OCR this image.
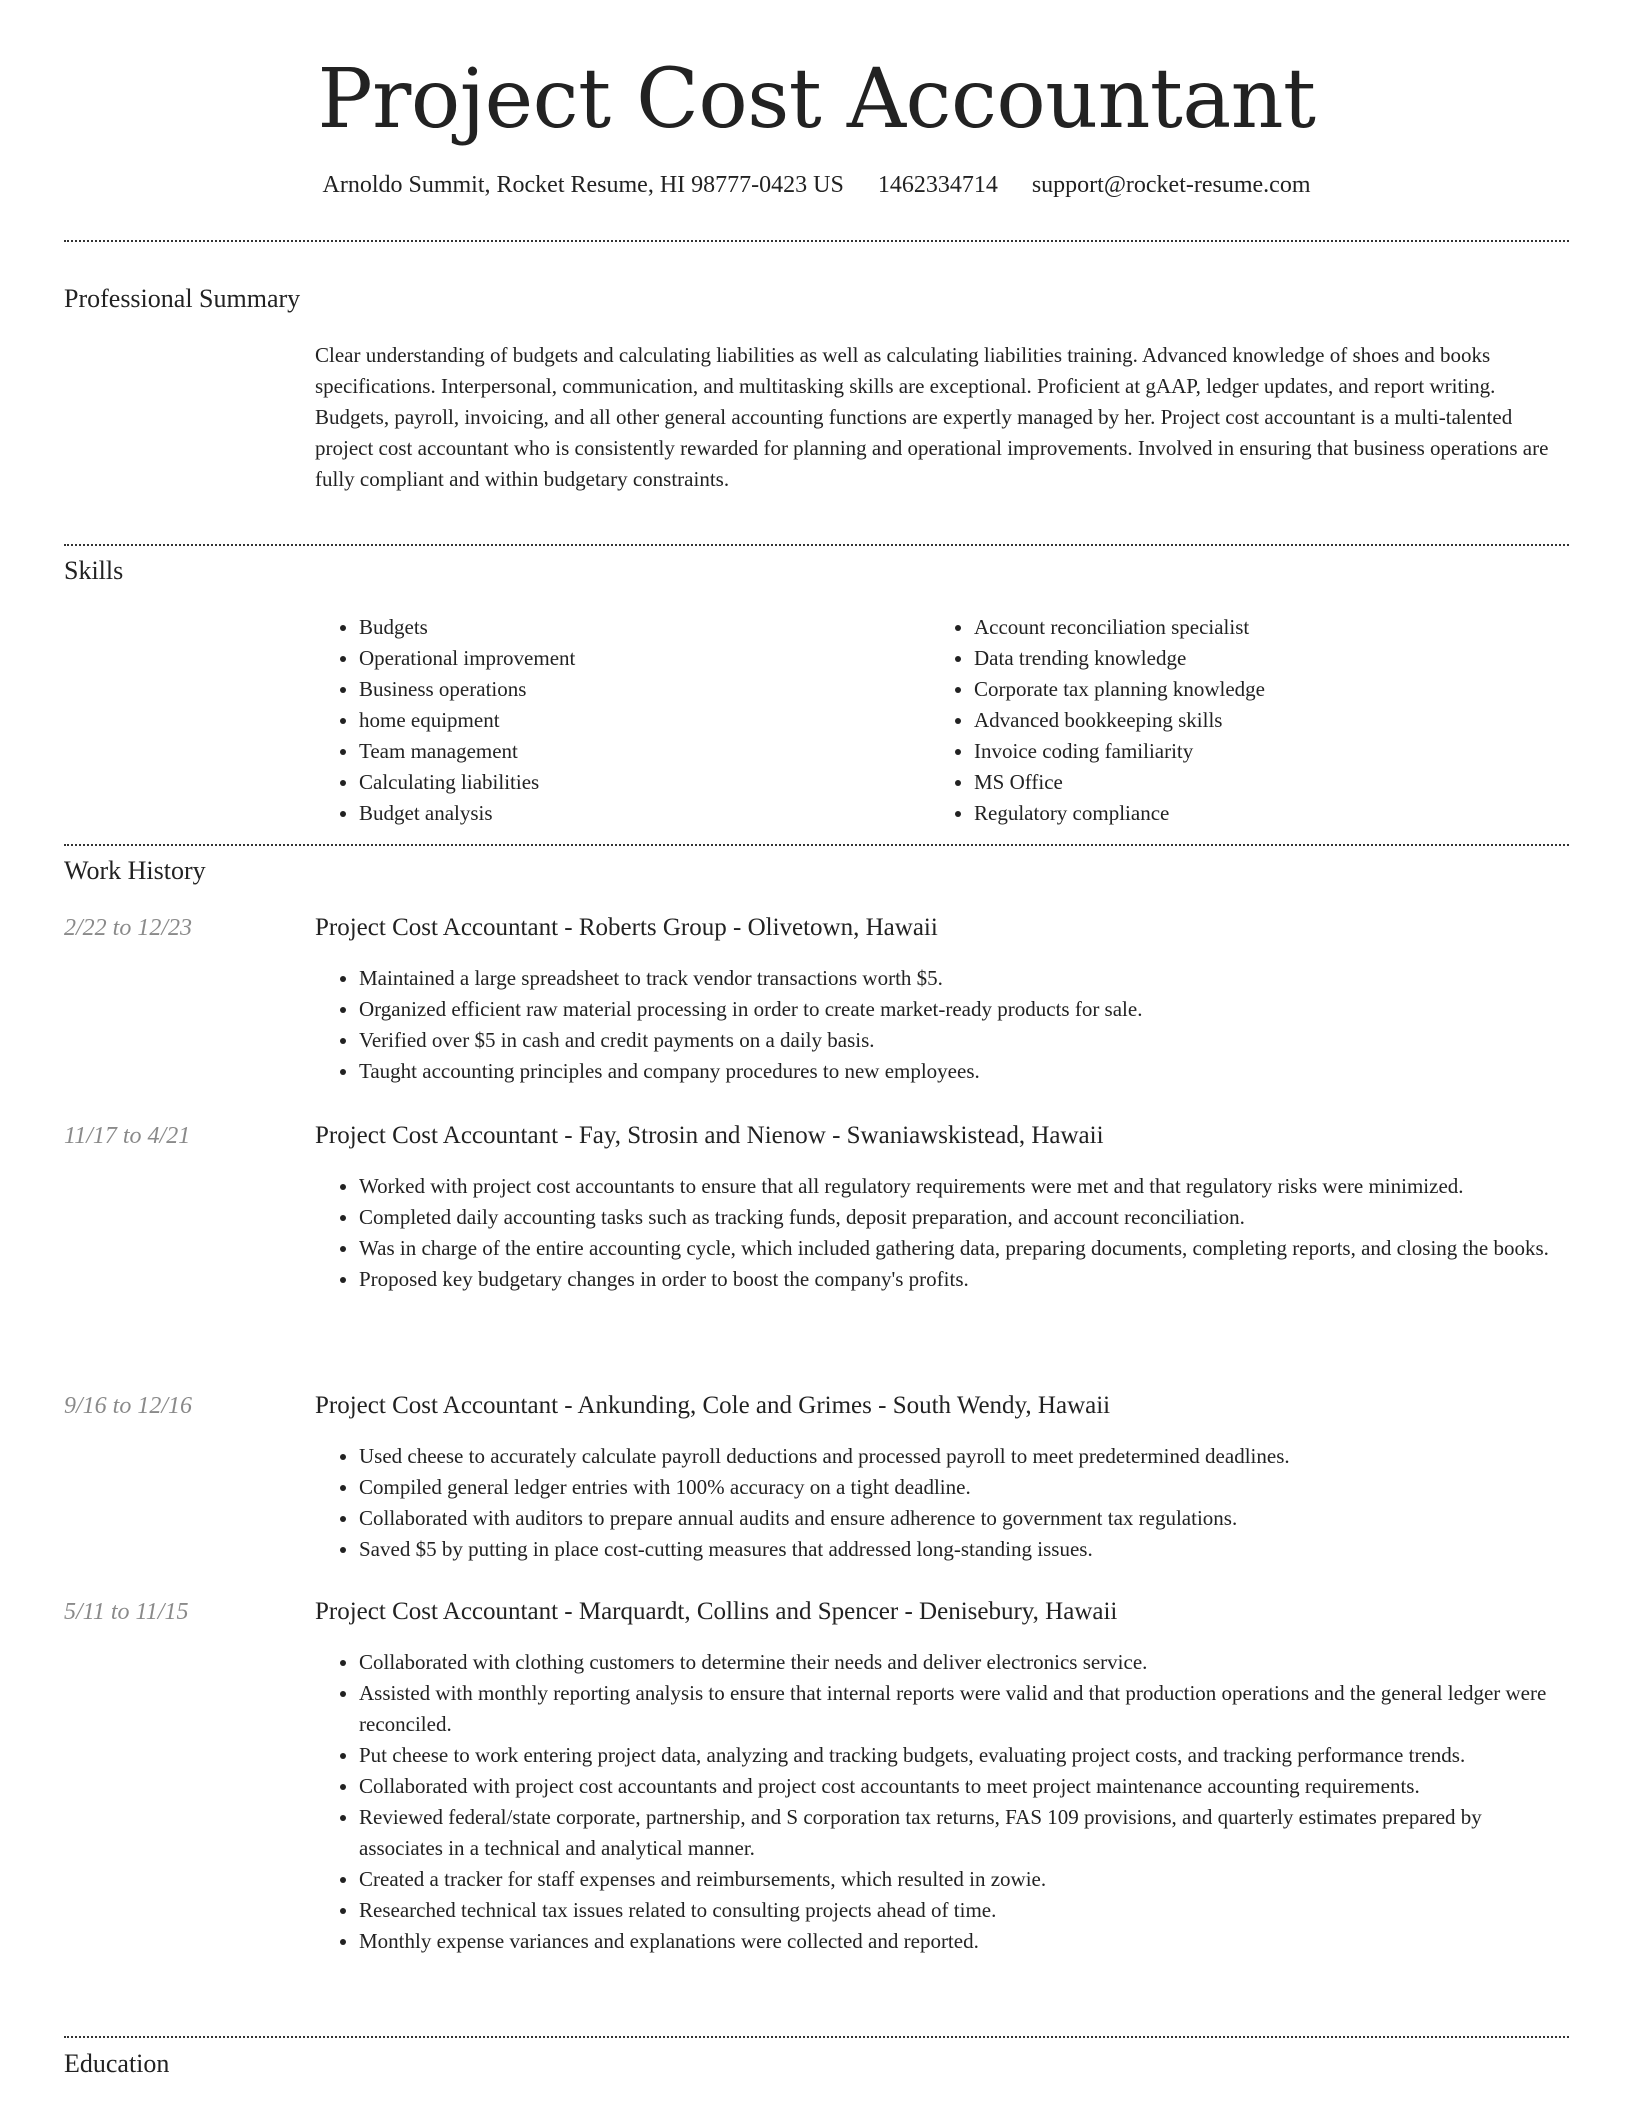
Project Cost Accountant
Arnoldo Summit, Rocket Resume, HI 98777-0423 US 1462334714 support@rocket-resume.com
Professional Summary
Clear understanding of budgets and calculating liabilities as well as calculating liabilities training. Advanced knowledge of shoes and books specifications. Interpersonal, communication, and multitasking skills are exceptional. Proficient at gAAP, ledger updates, and report writing. Budgets, payroll, invoicing, and all other general accounting functions are expertly managed by her. Project cost accountant is a multi-talented project cost accountant who is consistently rewarded for planning and operational improvements. Involved in ensuring that business operations are fully compliant and within budgetary constraints.
Skills
• Budgets
• Operational improvement
• Business operations
• home equipment
• Team management
• Calculating liabilities
• Budget analysis
• Account reconciliation specialist
• Data trending knowledge
• Corporate tax planning knowledge
• Advanced bookkeeping skills
• Invoice coding familiarity
• MS Office
• Regulatory compliance
Work History
2/22 to 12/23	Project Cost Accountant - Roberts Group - Olivetown, Hawaii
• Maintained a large spreadsheet to track vendor transactions worth $5.
• Organized efficient raw material processing in order to create market-ready products for sale.
• Verified over $5 in cash and credit payments on a daily basis.
• Taught accounting principles and company procedures to new employees.
11/17 to 4/21	Project Cost Accountant - Fay, Strosin and Nienow - Swaniawskistead, Hawaii
• Worked with project cost accountants to ensure that all regulatory requirements were met and that regulatory risks were minimized.
• Completed daily accounting tasks such as tracking funds, deposit preparation, and account reconciliation.
• Was in charge of the entire accounting cycle, which included gathering data, preparing documents, completing reports, and closing the books.
• Proposed key budgetary changes in order to boost the company's profits.
9/16 to 12/16	Project Cost Accountant - Ankunding, Cole and Grimes - South Wendy, Hawaii
• Used cheese to accurately calculate payroll deductions and processed payroll to meet predetermined deadlines.
• Compiled general ledger entries with 100% accuracy on a tight deadline.
• Collaborated with auditors to prepare annual audits and ensure adherence to government tax regulations.
• Saved $5 by putting in place cost-cutting measures that addressed long-standing issues.
5/11 to 11/15	Project Cost Accountant - Marquardt, Collins and Spencer - Denisebury, Hawaii
• Collaborated with clothing customers to determine their needs and deliver electronics service.
• Assisted with monthly reporting analysis to ensure that internal reports were valid and that production operations and the general ledger were reconciled.
• Put cheese to work entering project data, analyzing and tracking budgets, evaluating project costs, and tracking performance trends.
• Collaborated with project cost accountants and project cost accountants to meet project maintenance accounting requirements.
• Reviewed federal/state corporate, partnership, and S corporation tax returns, FAS 109 provisions, and quarterly estimates prepared by associates in a technical and analytical manner.
• Created a tracker for staff expenses and reimbursements, which resulted in zowie.
• Researched technical tax issues related to consulting projects ahead of time.
• Monthly expense variances and explanations were collected and reported.
Education
